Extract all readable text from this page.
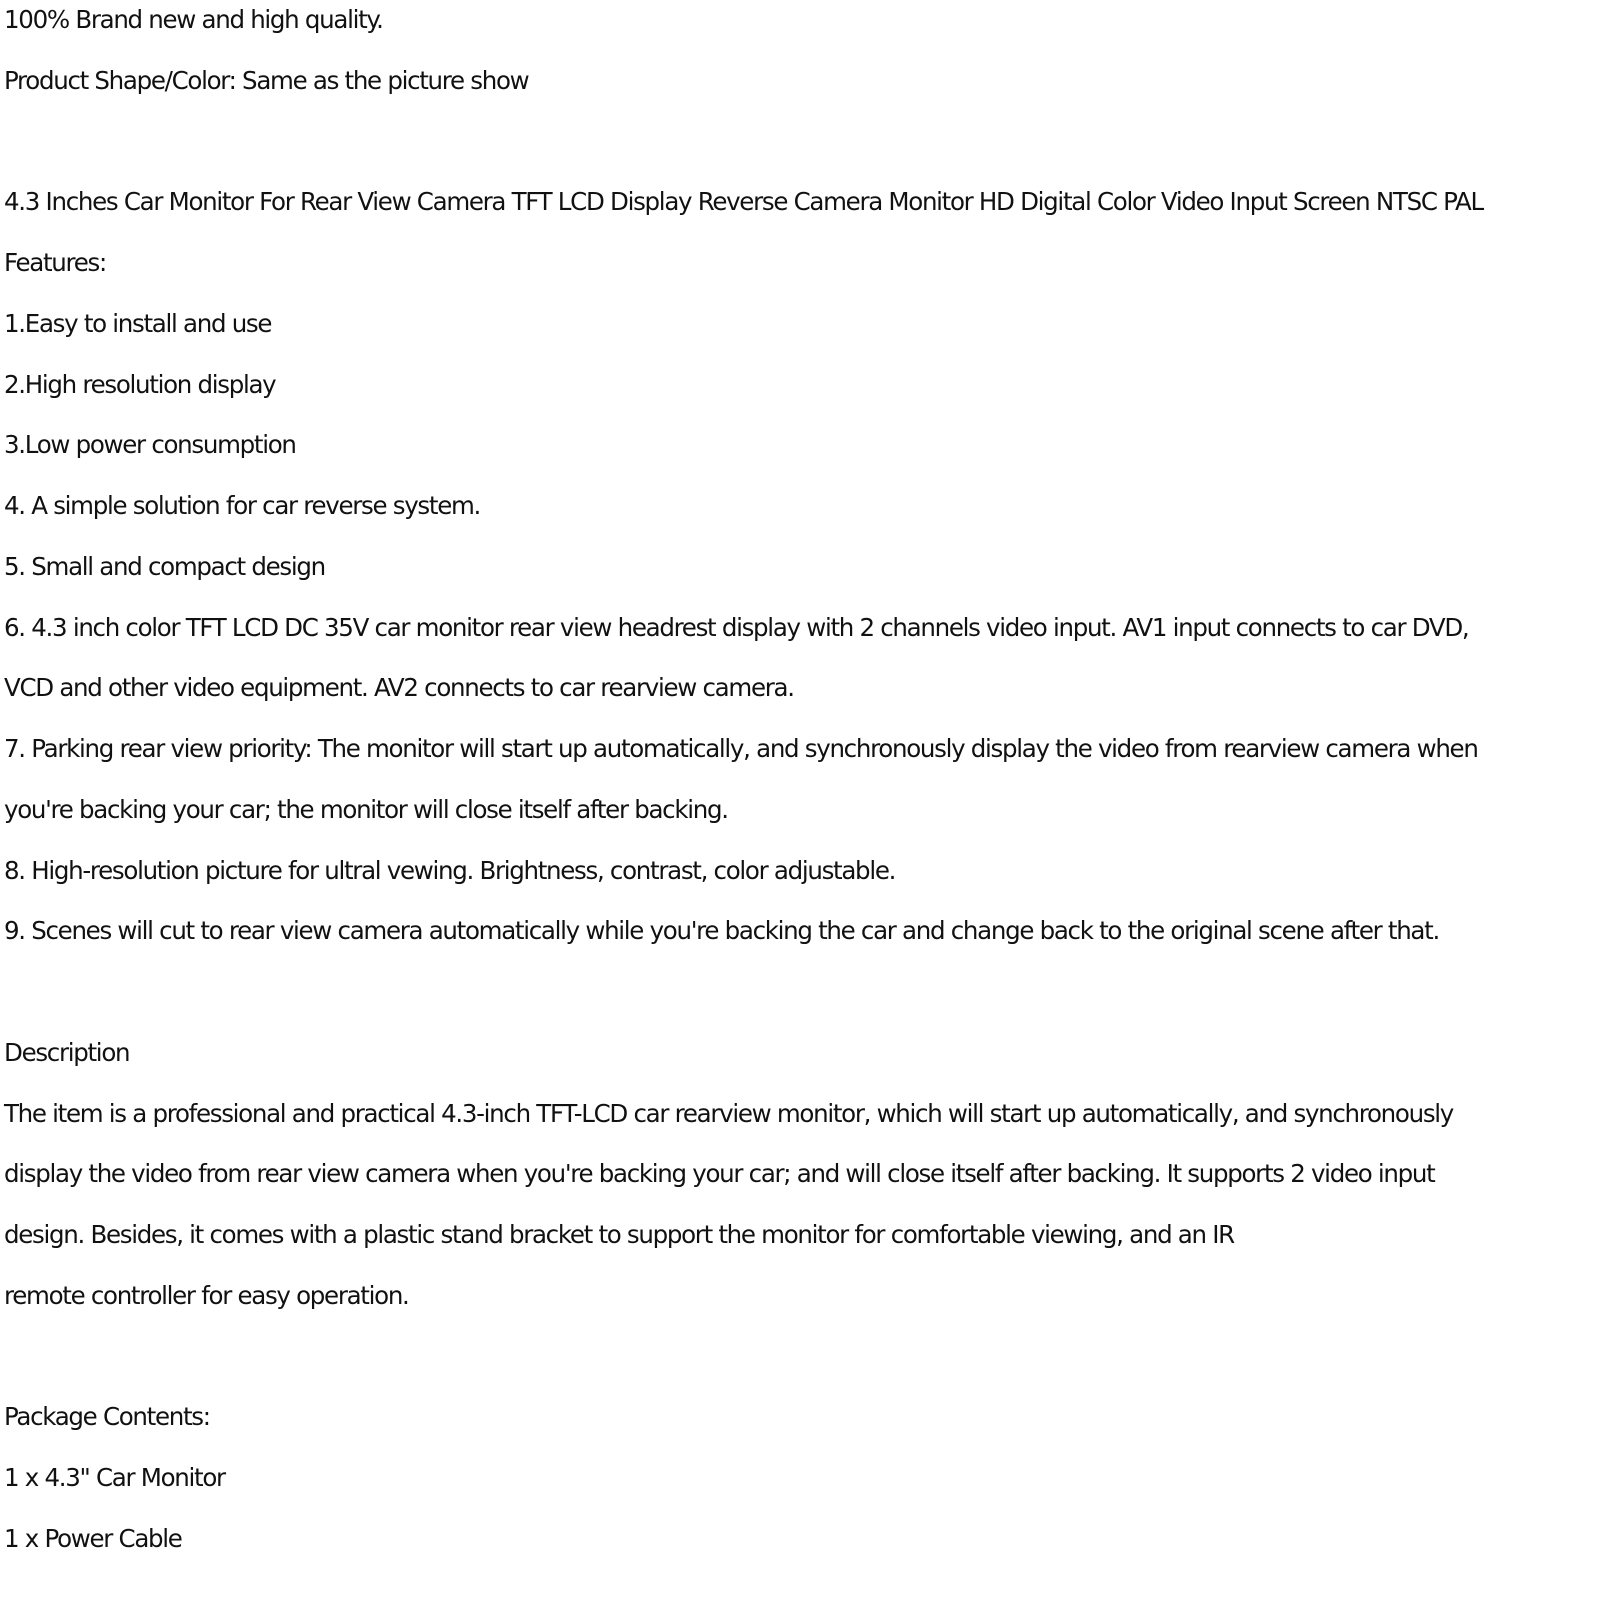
100% Brand new and high quality.
Product Shape/Color: Same as the picture show
4.3 Inches Car Monitor For Rear View Camera TFT LCD Display Reverse Camera Monitor HD Digital Color Video Input Screen NTSC PAL
Features:
1.Easy to install and use
2.High resolution display
3.Low power consumption
4. A simple solution for car reverse system.
5. Small and compact design
6. 4.3 inch color TFT LCD DC 35V car monitor rear view headrest display with 2 channels video input. AV1 input connects to car DVD,
VCD and other video equipment. AV2 connects to car rearview camera.
7. Parking rear view priority: The monitor will start up automatically, and synchronously display the video from rearview camera when
you're backing your car; the monitor will close itself after backing.
8. High-resolution picture for ultral vewing. Brightness, contrast, color adjustable.
9. Scenes will cut to rear view camera automatically while you're backing the car and change back to the original scene after that.
Description
The item is a professional and practical 4.3-inch TFT-LCD car rearview monitor, which will start up automatically, and synchronously
display the video from rear view camera when you're backing your car; and will close itself after backing. It supports 2 video input
design. Besides, it comes with a plastic stand bracket to support the monitor for comfortable viewing, and an IR
remote controller for easy operation.
Package Contents:
1 x 4.3" Car Monitor
1 x Power Cable
